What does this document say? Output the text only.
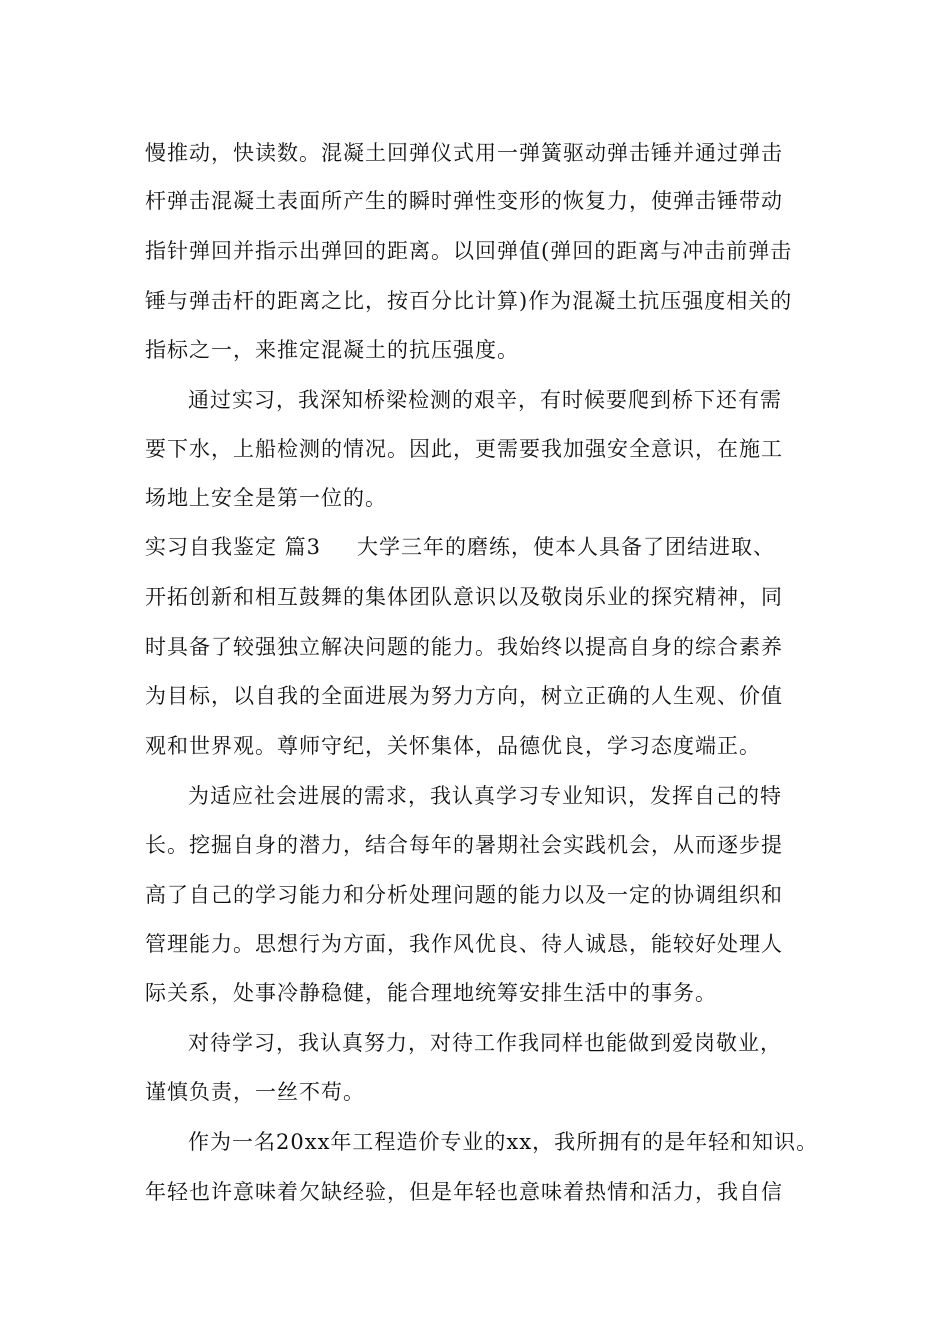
慢推动，快读数。混凝土回弹仪式用一弹簧驱动弹击锤并通过弹击
杆弹击混凝土表面所产生的瞬时弹性变形的恢复力，使弹击锤带动
指针弹回并指示出弹回的距离。以回弹值(弹回的距离与冲击前弹击
锤与弹击杆的距离之比，按百分比计算)作为混凝土抗压强度相关的
指标之一，来推定混凝土的抗压强度。
通过实习，我深知桥梁检测的艰辛，有时候要爬到桥下还有需
要下水，上船检测的情况。因此，更需要我加强安全意识，在施工
场地上安全是第一位的。
实习自我鉴定 篇3 大学三年的磨练，使本人具备了团结进取、
开拓创新和相互鼓舞的集体团队意识以及敬岗乐业的探究精神，同
时具备了较强独立解决问题的能力。我始终以提高自身的综合素养
为目标，以自我的全面进展为努力方向，树立正确的人生观、价值
观和世界观。尊师守纪，关怀集体，品德优良，学习态度端正。
为适应社会进展的需求，我认真学习专业知识，发挥自己的特
长。挖掘自身的潜力，结合每年的暑期社会实践机会，从而逐步提
高了自己的学习能力和分析处理问题的能力以及一定的协调组织和
管理能力。思想行为方面，我作风优良、待人诚恳，能较好处理人
际关系，处事冷静稳健，能合理地统筹安排生活中的事务。
对待学习，我认真努力，对待工作我同样也能做到爱岗敬业，
谨慎负责，一丝不苟。
作为一名20xx年工程造价专业的xx，我所拥有的是年轻和知识。
年轻也许意味着欠缺经验，但是年轻也意味着热情和活力，我自信
